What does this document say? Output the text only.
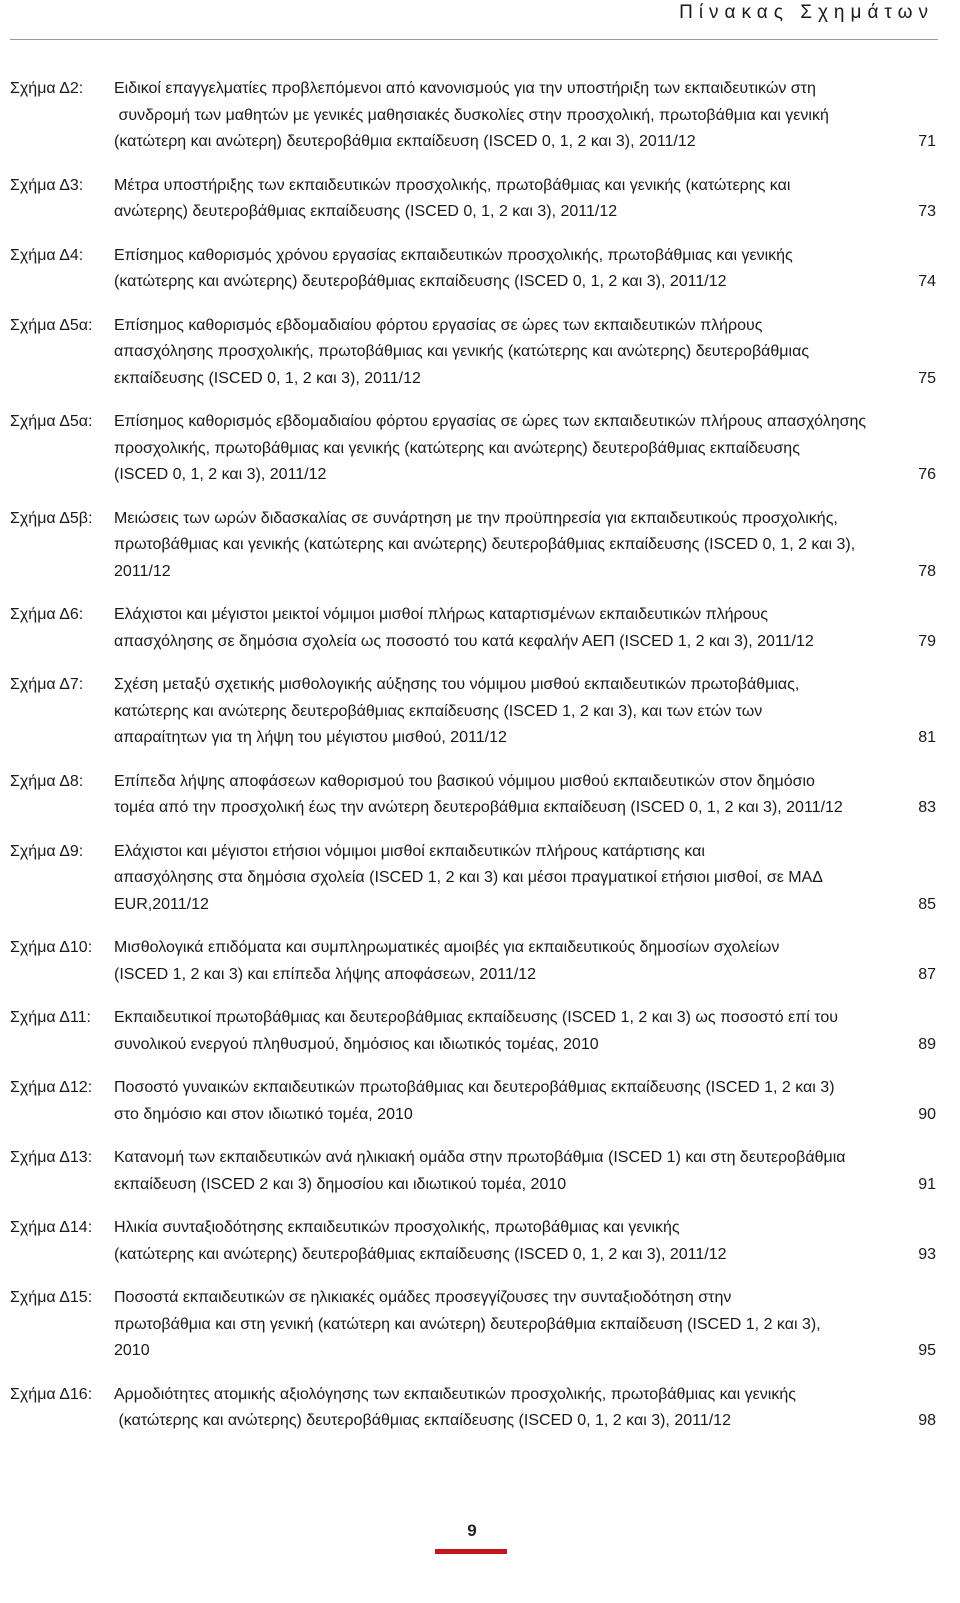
Πίνακας Σχημάτων
Σχήμα Δ2:	Ειδικοί επαγγελματίες προβλεπόμενοι από κανονισμούς για την υποστήριξη των εκπαιδευτικών στη
συνδρομή των μαθητών με γενικές μαθησιακές δυσκολίες στην προσχολική, πρωτοβάθμια και γενική
(κατώτερη και ανώτερη) δευτεροβάθμια εκπαίδευση (ISCED 0, 1, 2 και 3), 2011/12	71
Σχήμα Δ3:	Μέτρα υποστήριξης των εκπαιδευτικών προσχολικής, πρωτοβάθμιας και γενικής (κατώτερης και
ανώτερης) δευτεροβάθμιας εκπαίδευσης (ISCED 0, 1, 2 και 3), 2011/12	73
Σχήμα Δ4:	Επίσημος καθορισμός χρόνου εργασίας εκπαιδευτικών προσχολικής, πρωτοβάθμιας και γενικής
(κατώτερης και ανώτερης) δευτεροβάθμιας εκπαίδευσης (ISCED 0, 1, 2 και 3), 2011/12	74
Σχήμα Δ5α:	Επίσημος καθορισμός εβδομαδιαίου φόρτου εργασίας σε ώρες των εκπαιδευτικών πλήρους
απασχόλησης προσχολικής, πρωτοβάθμιας και γενικής (κατώτερης και ανώτερης) δευτεροβάθμιας
εκπαίδευσης (ISCED 0, 1, 2 και 3), 2011/12	75
Σχήμα Δ5α:	Επίσημος καθορισμός εβδομαδιαίου φόρτου εργασίας σε ώρες των εκπαιδευτικών πλήρους απασχόλησης
προσχολικής, πρωτοβάθμιας και γενικής (κατώτερης και ανώτερης) δευτεροβάθμιας εκπαίδευσης
(ISCED 0, 1, 2 και 3), 2011/12	76
Σχήμα Δ5β:	Μειώσεις των ωρών διδασκαλίας σε συνάρτηση με την προϋπηρεσία για εκπαιδευτικούς προσχολικής,
πρωτοβάθμιας και γενικής (κατώτερης και ανώτερης) δευτεροβάθμιας εκπαίδευσης (ISCED 0, 1, 2 και 3),
2011/12	78
Σχήμα Δ6:	Ελάχιστοι και μέγιστοι μεικτοί νόμιμοι μισθοί πλήρως καταρτισμένων εκπαιδευτικών πλήρους
απασχόλησης σε δημόσια σχολεία ως ποσοστό του κατά κεφαλήν ΑΕΠ (ISCED 1, 2 και 3), 2011/12	79
Σχήμα Δ7:	Σχέση μεταξύ σχετικής μισθολογικής αύξησης του νόμιμου μισθού εκπαιδευτικών πρωτοβάθμιας,
κατώτερης και ανώτερης δευτεροβάθμιας εκπαίδευσης (ISCED 1, 2 και 3), και των ετών των
απαραίτητων για τη λήψη του μέγιστου μισθού, 2011/12	81
Σχήμα Δ8:	Επίπεδα λήψης αποφάσεων καθορισμού του βασικού νόμιμου μισθού εκπαιδευτικών στον δημόσιο
τομέα από την προσχολική έως την ανώτερη δευτεροβάθμια εκπαίδευση (ISCED 0, 1, 2 και 3), 2011/12	83
Σχήμα Δ9:	Ελάχιστοι και μέγιστοι ετήσιοι νόμιμοι μισθοί εκπαιδευτικών πλήρους κατάρτισης και
απασχόλησης στα δημόσια σχολεία (ISCED 1, 2 και 3) και μέσοι πραγματικοί ετήσιοι μισθοί, σε ΜΑΔ
EUR,2011/12	85
Σχήμα Δ10:	Μισθολογικά επιδόματα και συμπληρωματικές αμοιβές για εκπαιδευτικούς δημοσίων σχολείων
(ISCED 1, 2 και 3) και επίπεδα λήψης αποφάσεων, 2011/12	87
Σχήμα Δ11:	Εκπαιδευτικοί πρωτοβάθμιας και δευτεροβάθμιας εκπαίδευσης (ISCED 1, 2 και 3) ως ποσοστό επί του
συνολικού ενεργού πληθυσμού, δημόσιος και ιδιωτικός τομέας, 2010	89
Σχήμα Δ12:	Ποσοστό γυναικών εκπαιδευτικών πρωτοβάθμιας και δευτεροβάθμιας εκπαίδευσης (ISCED 1, 2 και 3)
στο δημόσιο και στον ιδιωτικό τομέα, 2010	90
Σχήμα Δ13:	Κατανομή των εκπαιδευτικών ανά ηλικιακή ομάδα στην πρωτοβάθμια (ISCED 1) και στη δευτεροβάθμια
εκπαίδευση (ISCED 2 και 3) δημοσίου και ιδιωτικού τομέα, 2010	91
Σχήμα Δ14:	Ηλικία συνταξιοδότησης εκπαιδευτικών προσχολικής, πρωτοβάθμιας και γενικής
(κατώτερης και ανώτερης) δευτεροβάθμιας εκπαίδευσης (ISCED 0, 1, 2 και 3), 2011/12	93
Σχήμα Δ15:	Ποσοστά εκπαιδευτικών σε ηλικιακές ομάδες προσεγγίζουσες την συνταξιοδότηση στην
πρωτοβάθμια και στη γενική (κατώτερη και ανώτερη) δευτεροβάθμια εκπαίδευση (ISCED 1, 2 και 3),
2010	95
Σχήμα Δ16:	Αρμοδιότητες ατομικής αξιολόγησης των εκπαιδευτικών προσχολικής, πρωτοβάθμιας και γενικής
(κατώτερης και ανώτερης) δευτεροβάθμιας εκπαίδευσης (ISCED 0, 1, 2 και 3), 2011/12	98
9
